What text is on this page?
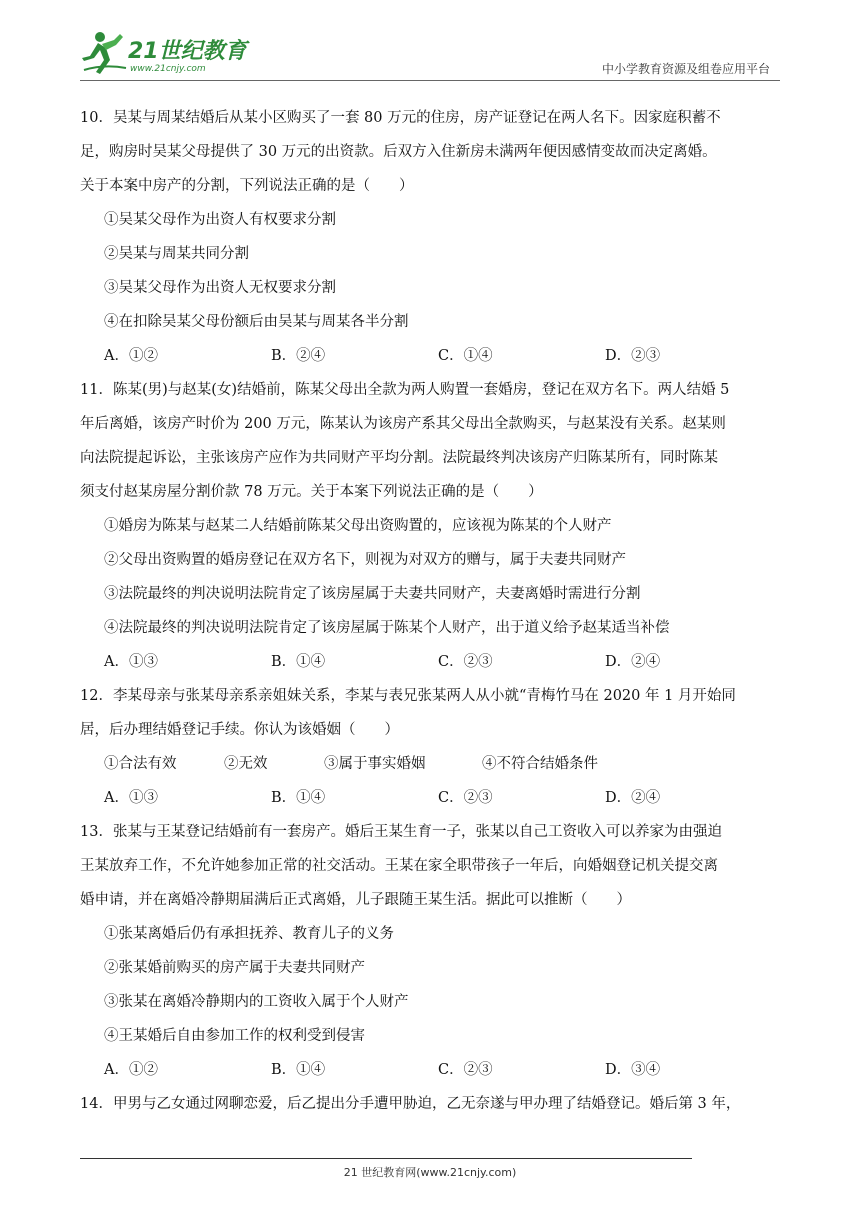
21世纪教育
www.21cnjy.com	中小学教育资源及组卷应用平台
10．吴某与周某结婚后从某小区购买了一套 80 万元的住房，房产证登记在两人名下。因家庭积蓄不
足，购房时吴某父母提供了 30 万元的出资款。后双方入住新房未满两年便因感情变故而决定离婚。
关于本案中房产的分割，下列说法正确的是（　　）
①吴某父母作为出资人有权要求分割
②吴某与周某共同分割
③吴某父母作为出资人无权要求分割
④在扣除吴某父母份额后由吴某与周某各半分割
A．①②	B．②④	C．①④	D．②③
11．陈某(男)与赵某(女)结婚前，陈某父母出全款为两人购置一套婚房，登记在双方名下。两人结婚 5
年后离婚，该房产时价为 200 万元，陈某认为该房产系其父母出全款购买，与赵某没有关系。赵某则
向法院提起诉讼，主张该房产应作为共同财产平均分割。法院最终判决该房产归陈某所有，同时陈某
须支付赵某房屋分割价款 78 万元。关于本案下列说法正确的是（　　）
①婚房为陈某与赵某二人结婚前陈某父母出资购置的，应该视为陈某的个人财产
②父母出资购置的婚房登记在双方名下，则视为对双方的赠与，属于夫妻共同财产
③法院最终的判决说明法院肯定了该房屋属于夫妻共同财产，夫妻离婚时需进行分割
④法院最终的判决说明法院肯定了该房屋属于陈某个人财产，出于道义给予赵某适当补偿
A．①③	B．①④	C．②③	D．②④
12．李某母亲与张某母亲系亲姐妹关系，李某与表兄张某两人从小就“青梅竹马在 2020 年 1 月开始同
居，后办理结婚登记手续。你认为该婚姻（　　）
①合法有效	②无效	③属于事实婚姻	④不符合结婚条件
A．①③	B．①④	C．②③	D．②④
13．张某与王某登记结婚前有一套房产。婚后王某生育一子，张某以自己工资收入可以养家为由强迫
王某放弃工作，不允许她参加正常的社交活动。王某在家全职带孩子一年后，向婚姻登记机关提交离
婚申请，并在离婚冷静期届满后正式离婚，儿子跟随王某生活。据此可以推断（　　）
①张某离婚后仍有承担抚养、教育儿子的义务
②张某婚前购买的房产属于夫妻共同财产
③张某在离婚冷静期内的工资收入属于个人财产
④王某婚后自由参加工作的权利受到侵害
A．①②	B．①④	C．②③	D．③④
14．甲男与乙女通过网聊恋爱，后乙提出分手遭甲胁迫，乙无奈遂与甲办理了结婚登记。婚后第 3 年，
21 世纪教育网(www.21cnjy.com)
